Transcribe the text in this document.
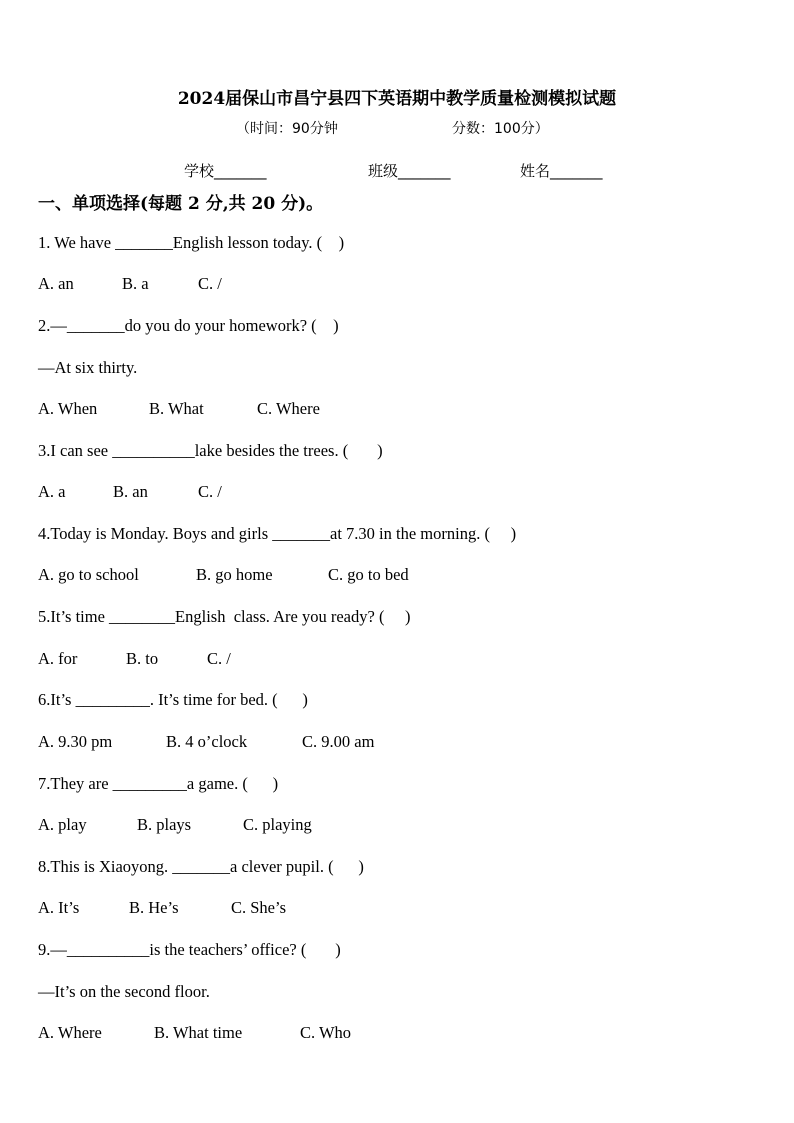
2024届保山市昌宁县四下英语期中教学质量检测模拟试题
（时间：90分钟	分数：100分）
学校_______	班级_______	姓名_______
一、单项选择(每题 2 分,共 20 分)。
1. We have _______English lesson today. (    )
A. an	B. a	C. /
2.—_______do you do your homework? (    )
—At six thirty.
A. When	B. What	C. Where
3.I can see __________lake besides the trees. (       )
A. a	B. an	C. /
4.Today is Monday. Boys and girls _______at 7.30 in the morning. (     )
A. go to school	B. go home	C. go to bed
5.It’s time ________English  class. Are you ready? (     )
A. for	B. to	C. /
6.It’s _________. It’s time for bed. (      )
A. 9.30 pm	B. 4 o’clock	C. 9.00 am
7.They are _________a game. (      )
A. play	B. plays	C. playing
8.This is Xiaoyong. _______a clever pupil. (      )
A. It’s	B. He’s	C. She’s
9.—__________is the teachers’ office? (       )
—It’s on the second floor.
A. Where	B. What time	C. Who
